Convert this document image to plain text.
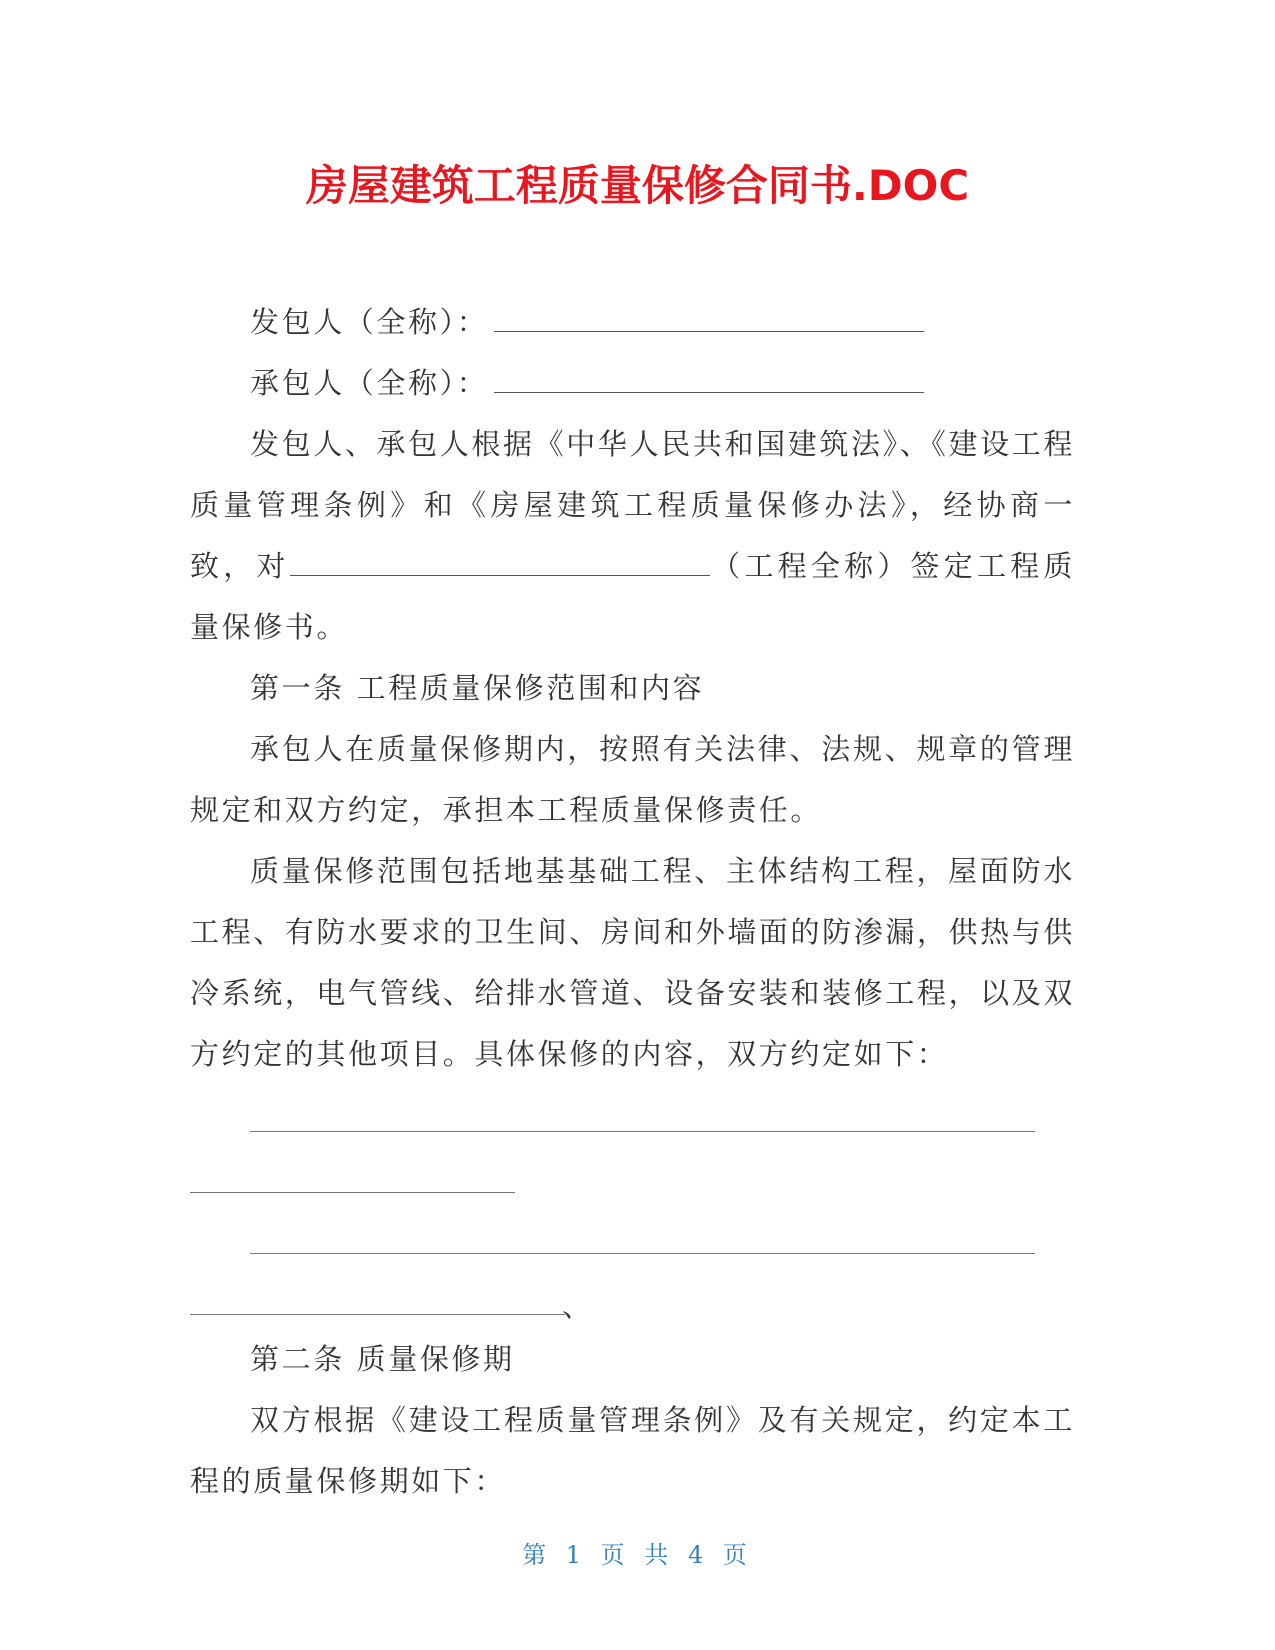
房屋建筑工程质量保修合同书.DOC

发包人（全称）：

承包人（全称）：

发包人、承包人根据《中华人民共和国建筑法》、《建设工程质量管理条例》和《房屋建筑工程质量保修办法》，经协商一致，对	（工程全称）签定工程质量保修书。

第一条 工程质量保修范围和内容

承包人在质量保修期内，按照有关法律、法规、规章的管理规定和双方约定，承担本工程质量保修责任。

质量保修范围包括地基基础工程、主体结构工程，屋面防水工程、有防水要求的卫生间、房间和外墙面的防渗漏，供热与供冷系统，电气管线、给排水管道、设备安装和装修工程，以及双方约定的其他项目。具体保修的内容，双方约定如下：

、

第二条 质量保修期

双方根据《建设工程质量管理条例》及有关规定，约定本工程的质量保修期如下：

第 1 页 共 4 页
